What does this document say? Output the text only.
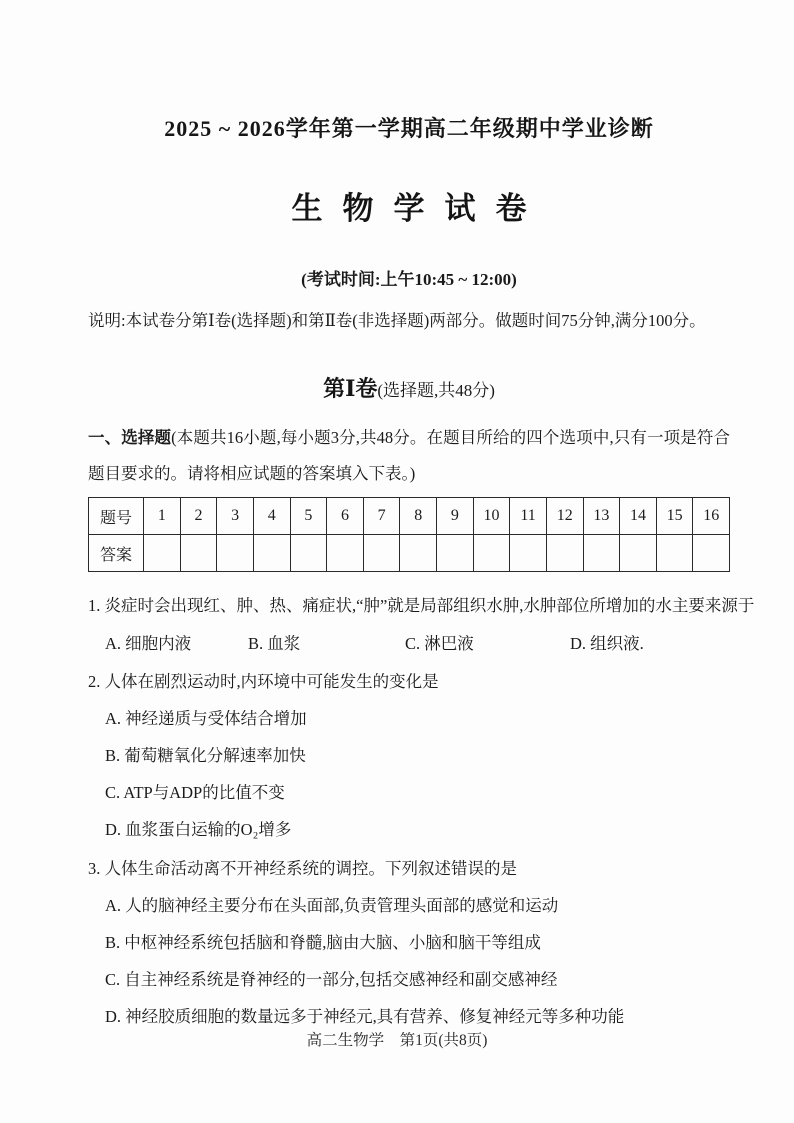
2025 ~ 2026学年第一学期高二年级期中学业诊断
生物学试卷
(考试时间:上午10:45 ~ 12:00)
说明:本试卷分第Ⅰ卷(选择题)和第Ⅱ卷(非选择题)两部分。做题时间75分钟,满分100分。
第Ⅰ卷(选择题,共48分)

一、选择题(本题共16小题,每小题3分,共48分。在题目所给的四个选项中,只有一项是符合题目要求的。请将相应试题的答案填入下表。)

题号	1	2	3	4	5	6	7	8	9	10	11	12	13	14	15	16
答案																
1. 炎症时会出现红、肿、热、痛症状,“肿”就是局部组织水肿,水肿部位所增加的水主要来源于
A. 细胞内液	B. 血浆	C. 淋巴液	D. 组织液.
2. 人体在剧烈运动时,内环境中可能发生的变化是
A. 神经递质与受体结合增加
B. 葡萄糖氧化分解速率加快
C. ATP与ADP的比值不变
D. 血浆蛋白运输的O₂增多
3. 人体生命活动离不开神经系统的调控。下列叙述错误的是
A. 人的脑神经主要分布在头面部,负责管理头面部的感觉和运动
B. 中枢神经系统包括脑和脊髓,脑由大脑、小脑和脑干等组成
C. 自主神经系统是脊神经的一部分,包括交感神经和副交感神经
D. 神经胶质细胞的数量远多于神经元,具有营养、修复神经元等多种功能
高二生物学　第1页(共8页)
